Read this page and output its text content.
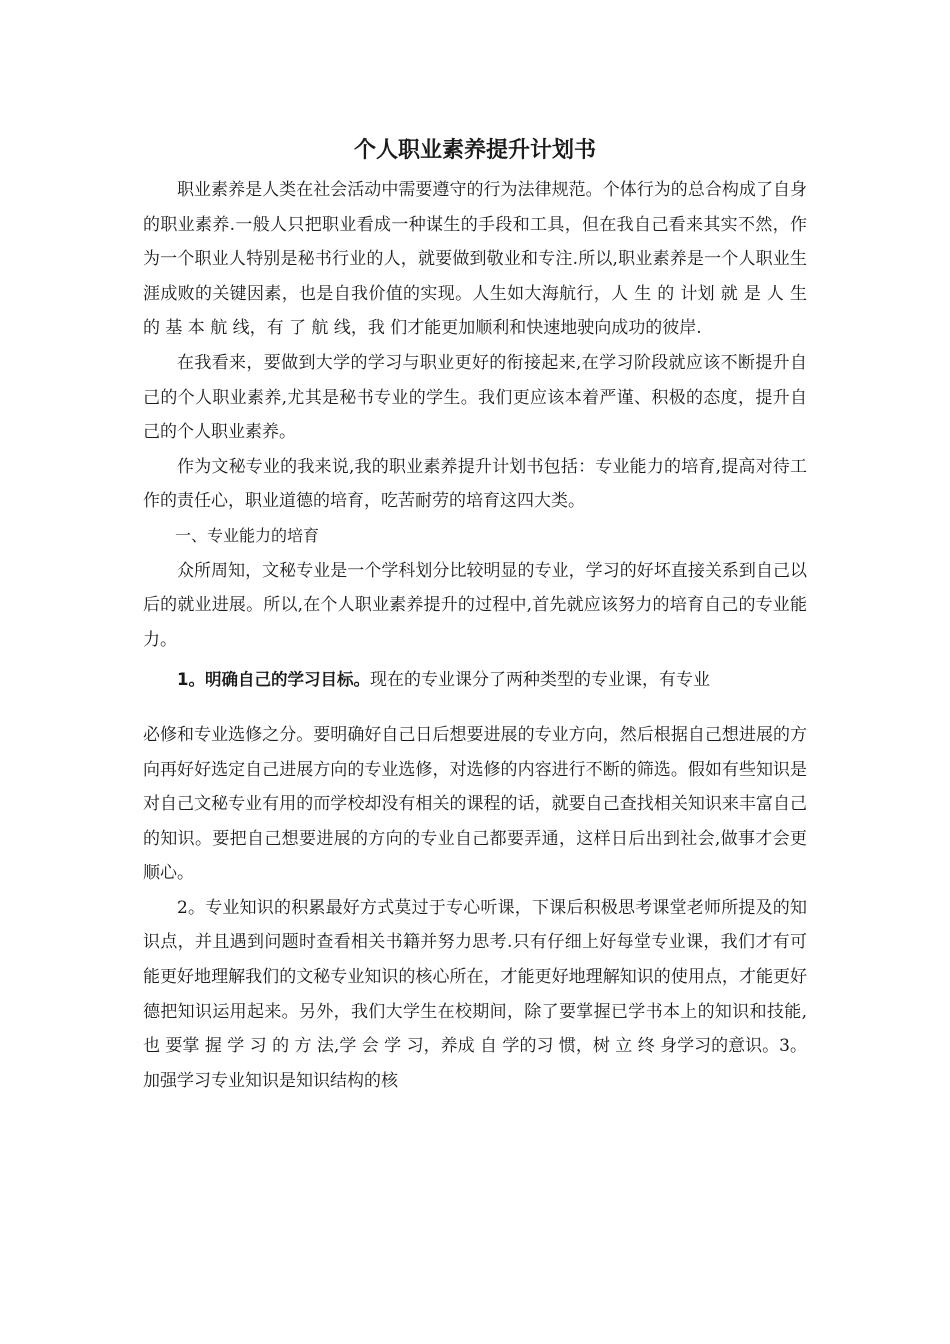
个人职业素养提升计划书

职业素养是人类在社会活动中需要遵守的行为法律规范。个体行为的总合构成了自身的职业素养.一般人只把职业看成一种谋生的手段和工具，但在我自己看来其实不然，作为一个职业人特别是秘书行业的人，就要做到敬业和专注.所以,职业素养是一个人职业生涯成败的关键因素，也是自我价值的实现。人生如大海航行，人 生 的 计划 就 是 人 生 的 基 本 航 线，有 了 航 线，我 们才能更加顺利和快速地驶向成功的彼岸.

在我看来，要做到大学的学习与职业更好的衔接起来,在学习阶段就应该不断提升自己的个人职业素养,尤其是秘书专业的学生。我们更应该本着严谨、积极的态度，提升自己的个人职业素养。

作为文秘专业的我来说,我的职业素养提升计划书包括：专业能力的培育,提高对待工作的责任心，职业道德的培育，吃苦耐劳的培育这四大类。

一、专业能力的培育

众所周知，文秘专业是一个学科划分比较明显的专业，学习的好坏直接关系到自己以后的就业进展。所以,在个人职业素养提升的过程中,首先就应该努力的培育自己的专业能力。

1。明确自己的学习目标。现在的专业课分了两种类型的专业课，有专业
必修和专业选修之分。要明确好自己日后想要进展的专业方向，然后根据自己想进展的方向再好好选定自己进展方向的专业选修，对选修的内容进行不断的筛选。假如有些知识是对自己文秘专业有用的而学校却没有相关的课程的话，就要自己查找相关知识来丰富自己的知识。要把自己想要进展的方向的专业自己都要弄通，这样日后出到社会,做事才会更顺心。

2。专业知识的积累最好方式莫过于专心听课，下课后积极思考课堂老师所提及的知识点，并且遇到问题时查看相关书籍并努力思考.只有仔细上好每堂专业课，我们才有可能更好地理解我们的文秘专业知识的核心所在，才能更好地理解知识的使用点，才能更好德把知识运用起来。另外，我们大学生在校期间，除了要掌握已学书本上的知识和技能,也 要掌 握 学 习 的 方 法,学 会 学 习，养成 自 学的习 惯，树 立 终 身学习的意识。3。加强学习专业知识是知识结构的核
